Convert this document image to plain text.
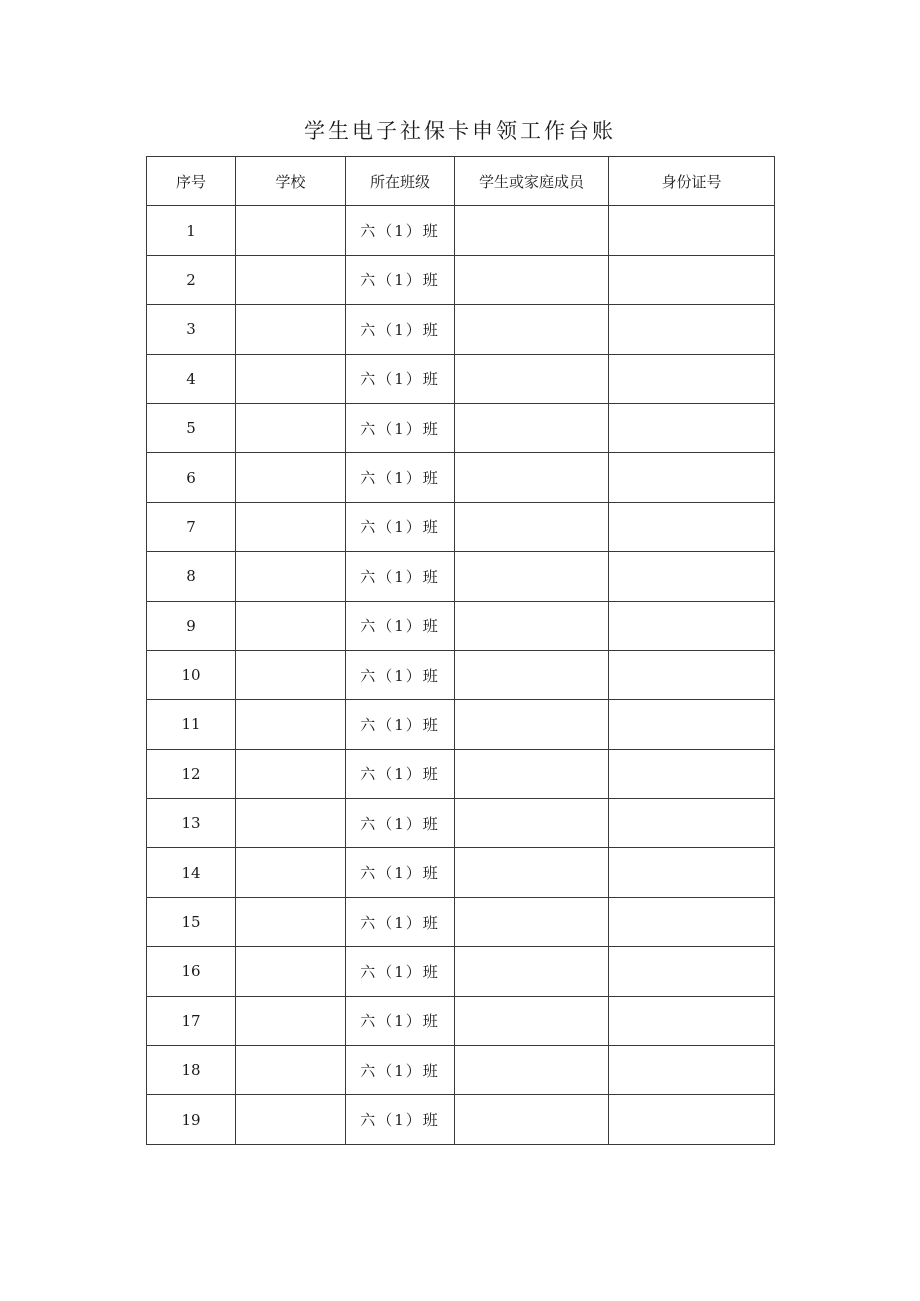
学生电子社保卡申领工作台账
序号	学校	所在班级	学生或家庭成员	身份证号
1		六（1）班		
2		六（1）班		
3		六（1）班		
4		六（1）班		
5		六（1）班		
6		六（1）班		
7		六（1）班		
8		六（1）班		
9		六（1）班		
10		六（1）班		
11		六（1）班		
12		六（1）班		
13		六（1）班		
14		六（1）班		
15		六（1）班		
16		六（1）班		
17		六（1）班		
18		六（1）班		
19		六（1）班		
